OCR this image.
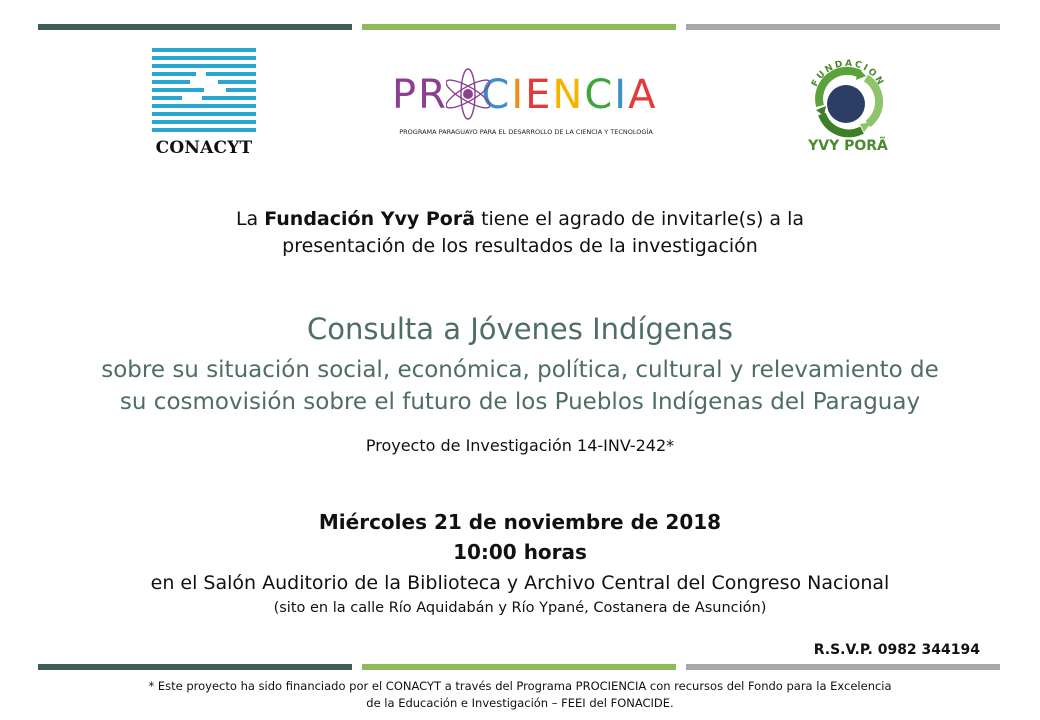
CONACYT
PR CIENCIA
PROGRAMA PARAGUAYO PARA EL DESARROLLO DE LA CIENCIA Y TECNOLOGÍA
FUNDACION
YVY PORÃ
La Fundación Yvy Porã tiene el agrado de invitarle(s) a la
presentación de los resultados de la investigación
Consulta a Jóvenes Indígenas
sobre su situación social, económica, política, cultural y relevamiento de
su cosmovisión sobre el futuro de los Pueblos Indígenas del Paraguay
Proyecto de Investigación 14-INV-242*
Miércoles 21 de noviembre de 2018
10:00 horas
en el Salón Auditorio de la Biblioteca y Archivo Central del Congreso Nacional
(sito en la calle Río Aquidabán y Río Ypané, Costanera de Asunción)
R.S.V.P. 0982 344194
* Este proyecto ha sido financiado por el CONACYT a través del Programa PROCIENCIA con recursos del Fondo para la Excelencia
de la Educación e Investigación – FEEI del FONACIDE.
